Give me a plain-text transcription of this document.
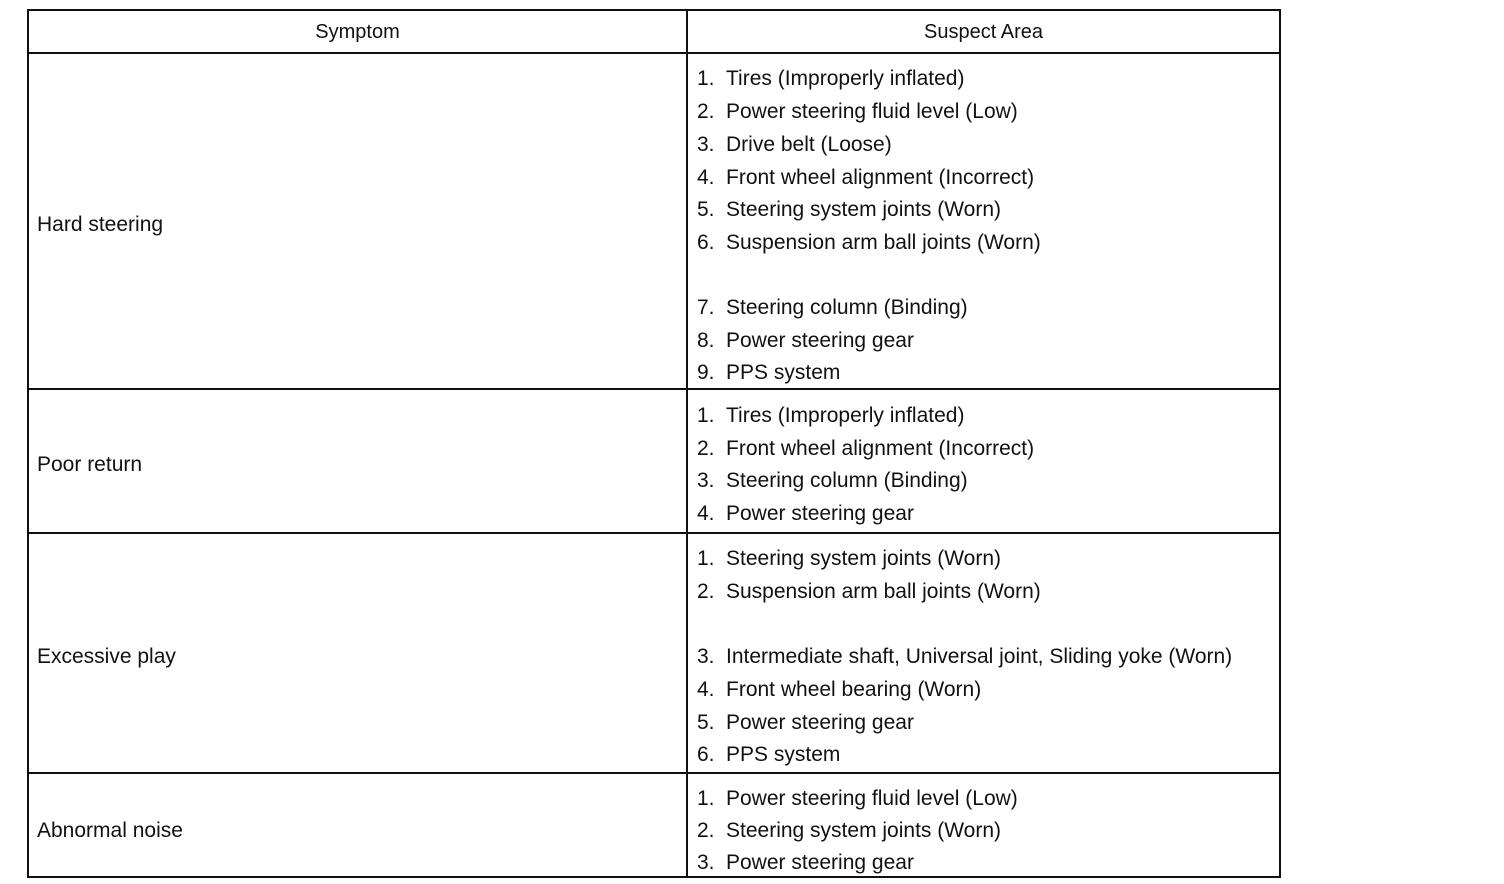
Symptom	Suspect Area
Hard steering
1. Tires (Improperly inflated)
2. Power steering fluid level (Low)
3. Drive belt (Loose)
4. Front wheel alignment (Incorrect)
5. Steering system joints (Worn)
6. Suspension arm ball joints (Worn)
7. Steering column (Binding)
8. Power steering gear
9. PPS system
Poor return
1. Tires (Improperly inflated)
2. Front wheel alignment (Incorrect)
3. Steering column (Binding)
4. Power steering gear
Excessive play
1. Steering system joints (Worn)
2. Suspension arm ball joints (Worn)
3. Intermediate shaft, Universal joint, Sliding yoke (Worn)
4. Front wheel bearing (Worn)
5. Power steering gear
6. PPS system
Abnormal noise
1. Power steering fluid level (Low)
2. Steering system joints (Worn)
3. Power steering gear
